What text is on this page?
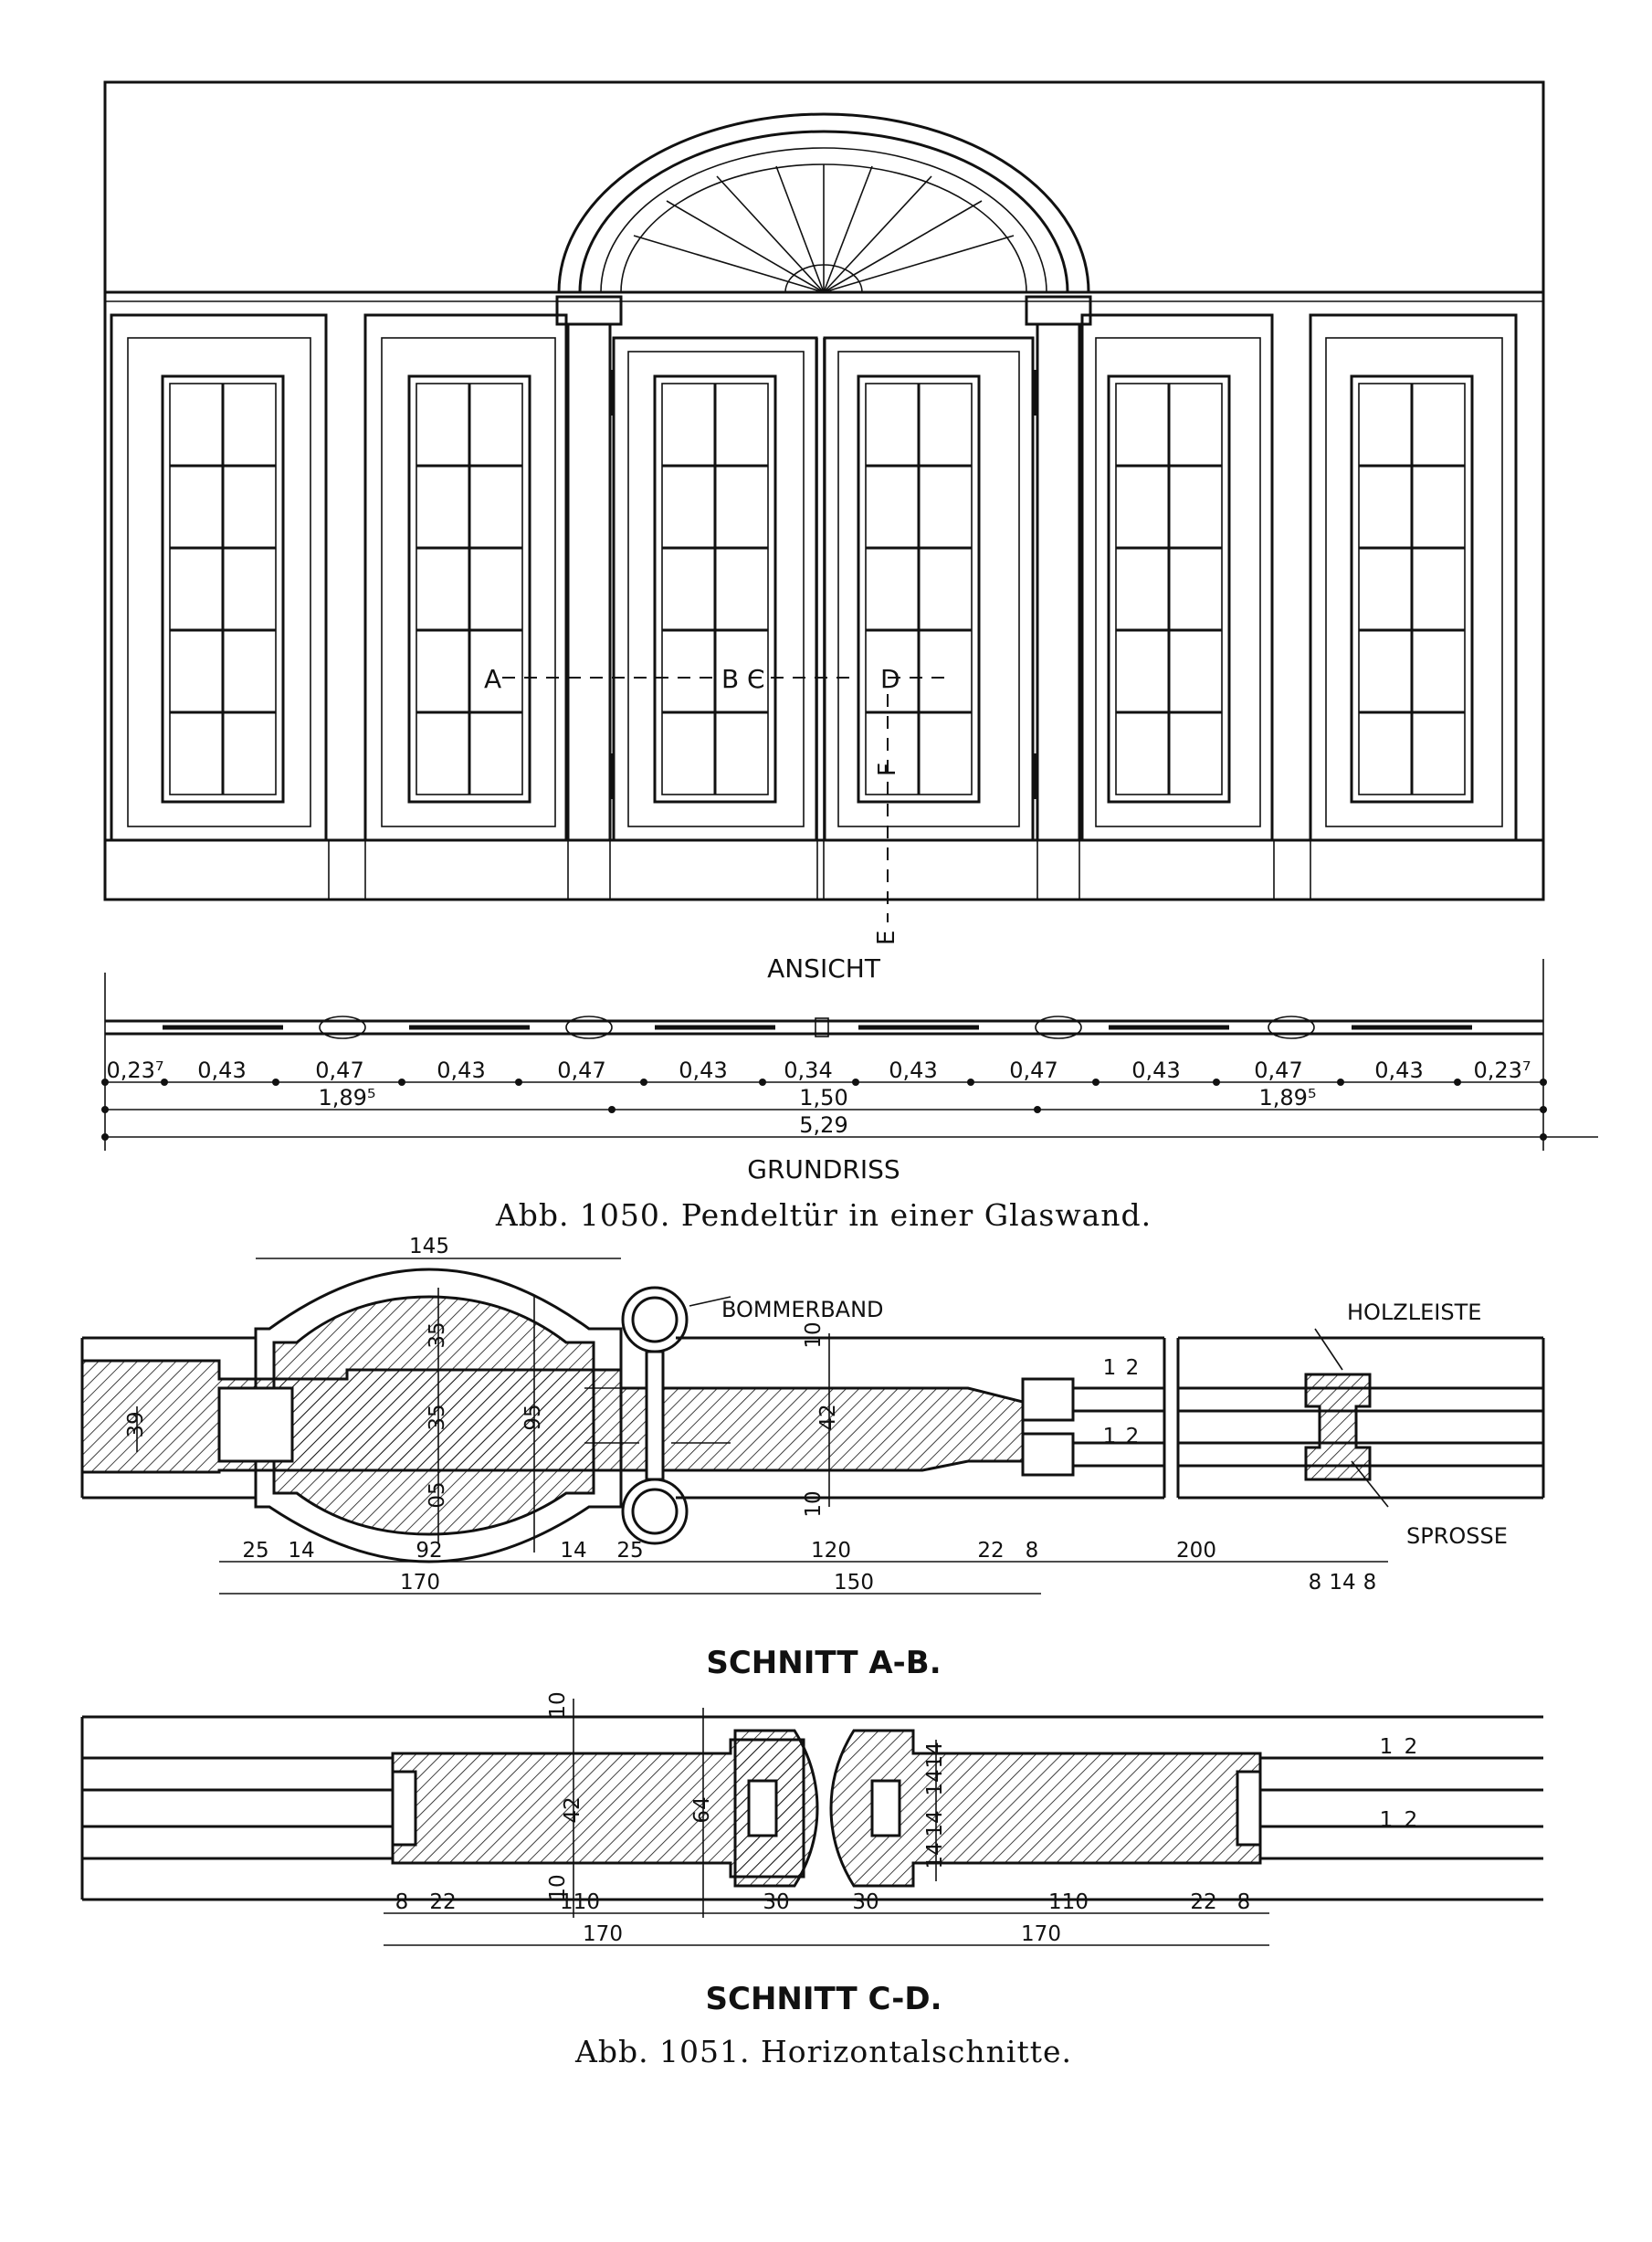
A	B C	D
E
F
ANSICHT
0,23⁷ 0,43	0,47	0,43	0,47	0,43	0,34	0,43	0,47	0,43	0,47	0,43 0,23⁷
1,89⁵	1,50	1,89⁵
5,29
GRUNDRISS
Abb. 1050. Pendeltür in einer Glaswand.
BOMMERBAND	HOLZLEISTE
SPROSSE
145
39
35
35	95
05
10
42
10
1 2
1 2
25 14	92	14 25	120	22 8	200
8 14 8
170	150
SCHNITT A-B.
10
42	64
10
14
14
14
14
1 2
1 2
8 22	110	30	30	110	22 8
170	170
SCHNITT C-D.
Abb. 1051. Horizontalschnitte.
